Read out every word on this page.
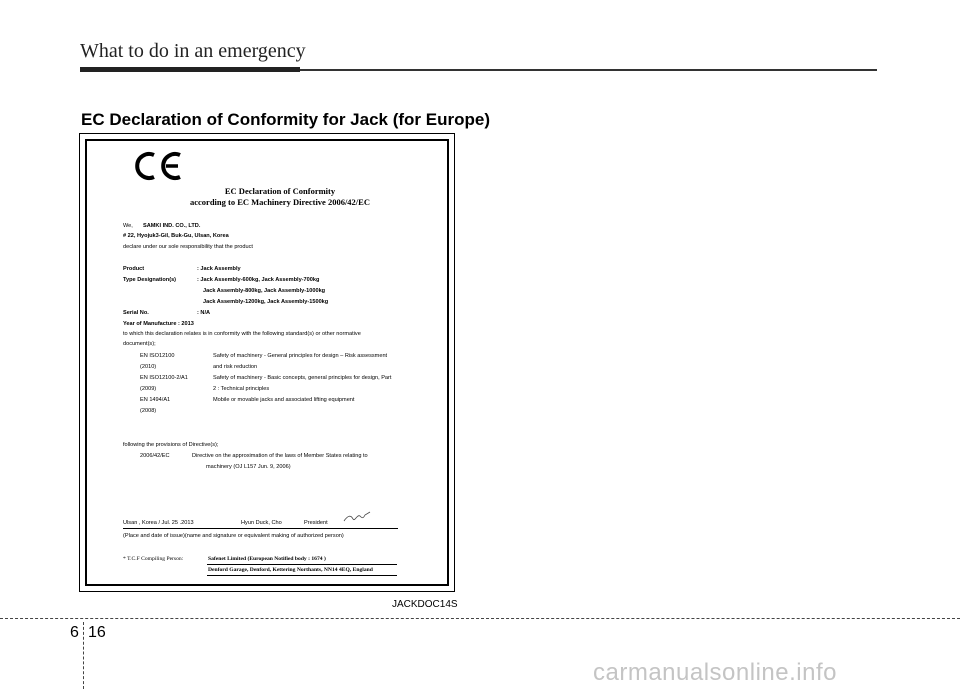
What to do in an emergency
EC Declaration of Conformity for Jack (for Europe)
EC Declaration of Conformity
according to EC Machinery Directive 2006/42/EC
We, SAMKI IND. CO., LTD.
# 22, Hyojuk3-Gil, Buk-Gu, Ulsan, Korea
declare under our sole responsibility that the product
Product	: Jack Assembly
Type Designation(s)	: Jack Assembly-600kg, Jack Assembly-700kg
Jack Assembly-800kg, Jack Assembly-1000kg
Jack Assembly-1200kg, Jack Assembly-1500kg
Serial No.	: N/A
Year of Manufacture : 2013
to which this declaration relates is in conformity with the following standard(s) or other normative
document(s);
EN ISO12100	Safety of machinery - General principles for design – Risk assessment
(2010)	and risk reduction
EN ISO12100-2/A1	Safety of machinery - Basic concepts, general principles for design, Part
(2009)	2 : Technical principles
EN 1494/A1	Mobile or movable jacks and associated lifting equipment
(2008)
following the provisions of Directive(s);
2006/42/EC	Directive on the approximation of the laws of Member States relating to
machinery (OJ L157 Jun. 9, 2006)
Ulsan , Korea / Jul. 25 .2013	Hyun Duck, Cho	President
(Place and date of issue)(name and signature or equivalent making of authorized person)
* T.C.F Compiling Person:	Safenet Limited (European Notified body : 1674 )
Denford Garage, Denford, Kettering Northants, NN14 4EQ, England
JACKDOC14S
6 16
carmanualsonline.info
